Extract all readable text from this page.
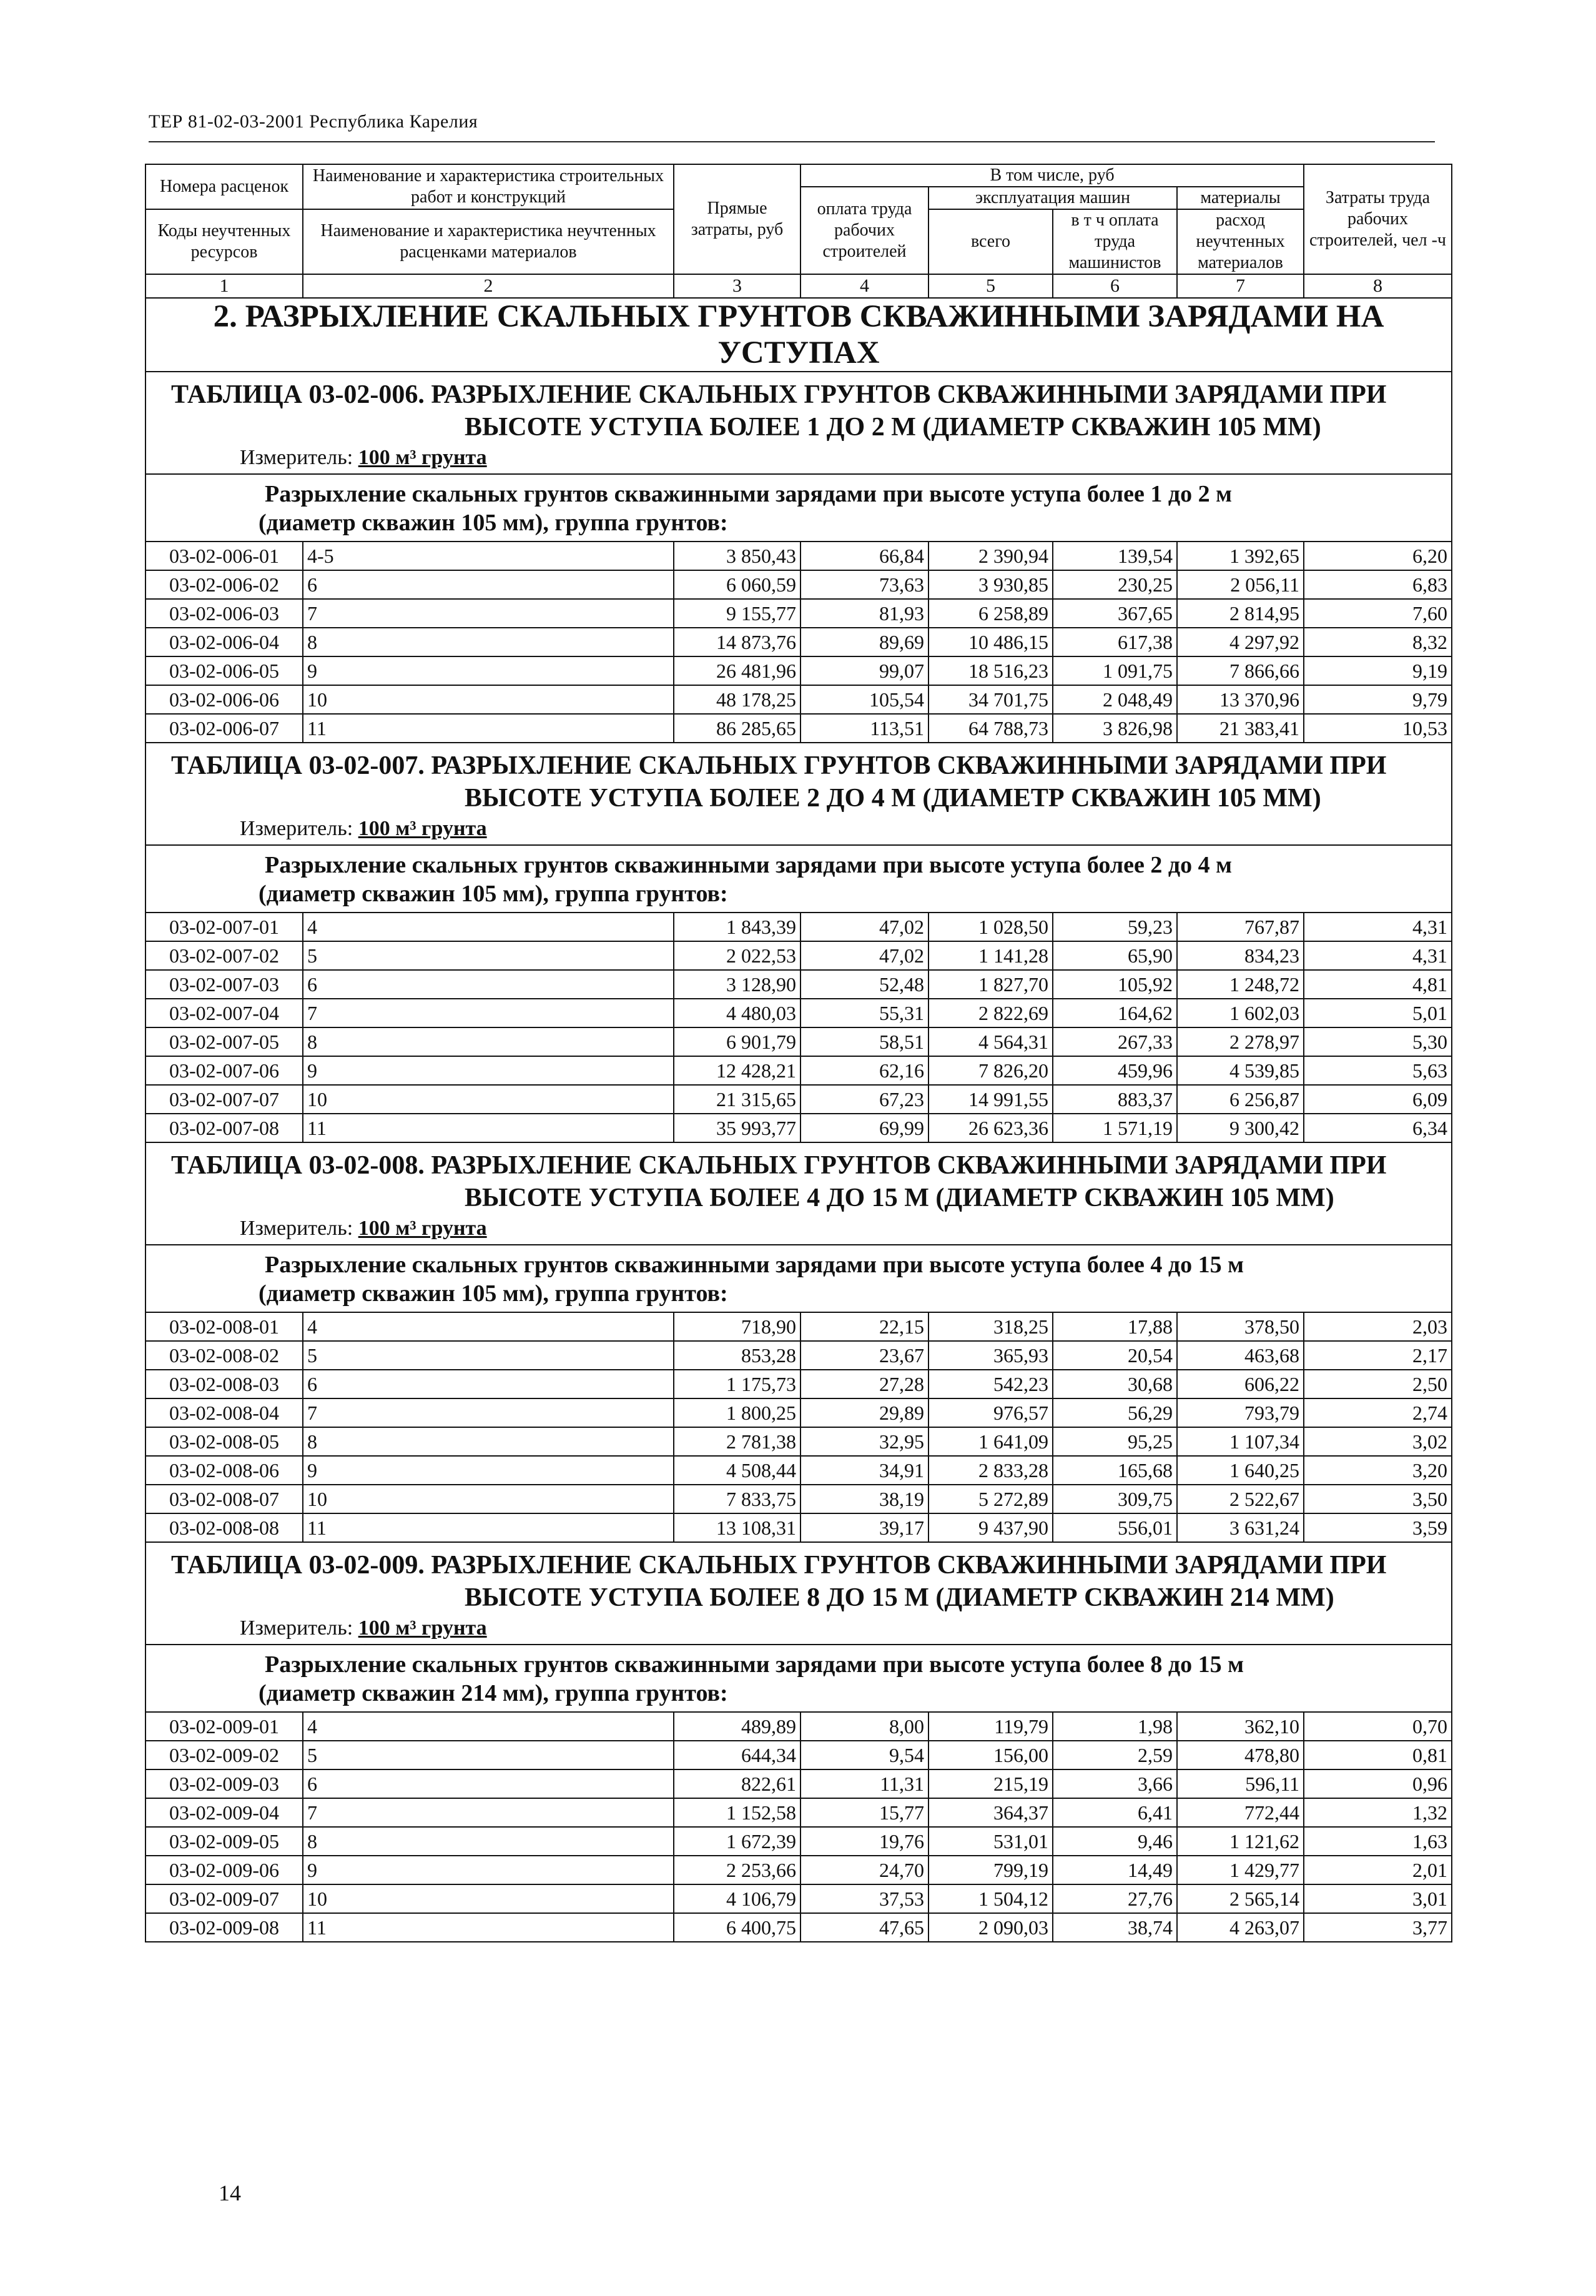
ТЕР 81-02-03-2001 Республика Карелия
Номера расценок	Наименование и характеристика строительных работ и конструкций	Прямые затраты, руб	В том числе, руб				Затраты труда рабочих строителей, чел -ч
			оплата труда рабочих строителей	эксплуатация машин		материалы	
Коды неучтенных ресурсов	Наименование и характеристика неучтенных расценками материалов			всего	в т ч оплата труда машинистов	расход неучтенных материалов	

1	2	3	4	5	6	7	8
2. РАЗРЫХЛЕНИЕ СКАЛЬНЫХ ГРУНТОВ СКВАЖИННЫМИ ЗАРЯДАМИ НА УСТУПАХ							
ТАБЛИЦА 03-02-006. РАЗРЫХЛЕНИЕ СКАЛЬНЫХ ГРУНТОВ СКВАЖИННЫМИ ЗАРЯДАМИ ПРИ
ВЫСОТЕ УСТУПА БОЛЕЕ 1 ДО 2 М (ДИАМЕТР СКВАЖИН 105 ММ)							

Измеритель: 100 м³ грунта							
Разрыхление скальных грунтов скважинными зарядами при высоте уступа более 1 до 2 м
(диаметр скважин 105 мм), группа грунтов:							

03-02-006-01	4-5	3 850,43	66,84	2 390,94	139,54	1 392,65	6,20
03-02-006-02	6	6 060,59	73,63	3 930,85	230,25	2 056,11	6,83
03-02-006-03	7	9 155,77	81,93	6 258,89	367,65	2 814,95	7,60
03-02-006-04	8	14 873,76	89,69	10 486,15	617,38	4 297,92	8,32
03-02-006-05	9	26 481,96	99,07	18 516,23	1 091,75	7 866,66	9,19
03-02-006-06	10	48 178,25	105,54	34 701,75	2 048,49	13 370,96	9,79
03-02-006-07	11	86 285,65	113,51	64 788,73	3 826,98	21 383,41	10,53
ТАБЛИЦА 03-02-007. РАЗРЫХЛЕНИЕ СКАЛЬНЫХ ГРУНТОВ СКВАЖИННЫМИ ЗАРЯДАМИ ПРИ
ВЫСОТЕ УСТУПА БОЛЕЕ 2 ДО 4 М (ДИАМЕТР СКВАЖИН 105 ММ)							

Измеритель: 100 м³ грунта							
Разрыхление скальных грунтов скважинными зарядами при высоте уступа более 2 до 4 м
(диаметр скважин 105 мм), группа грунтов:							

03-02-007-01	4	1 843,39	47,02	1 028,50	59,23	767,87	4,31
03-02-007-02	5	2 022,53	47,02	1 141,28	65,90	834,23	4,31
03-02-007-03	6	3 128,90	52,48	1 827,70	105,92	1 248,72	4,81
03-02-007-04	7	4 480,03	55,31	2 822,69	164,62	1 602,03	5,01
03-02-007-05	8	6 901,79	58,51	4 564,31	267,33	2 278,97	5,30
03-02-007-06	9	12 428,21	62,16	7 826,20	459,96	4 539,85	5,63
03-02-007-07	10	21 315,65	67,23	14 991,55	883,37	6 256,87	6,09
03-02-007-08	11	35 993,77	69,99	26 623,36	1 571,19	9 300,42	6,34
ТАБЛИЦА 03-02-008. РАЗРЫХЛЕНИЕ СКАЛЬНЫХ ГРУНТОВ СКВАЖИННЫМИ ЗАРЯДАМИ ПРИ
ВЫСОТЕ УСТУПА БОЛЕЕ 4 ДО 15 М (ДИАМЕТР СКВАЖИН 105 ММ)							

Измеритель: 100 м³ грунта							
Разрыхление скальных грунтов скважинными зарядами при высоте уступа более 4 до 15 м
(диаметр скважин 105 мм), группа грунтов:							

03-02-008-01	4	718,90	22,15	318,25	17,88	378,50	2,03
03-02-008-02	5	853,28	23,67	365,93	20,54	463,68	2,17
03-02-008-03	6	1 175,73	27,28	542,23	30,68	606,22	2,50
03-02-008-04	7	1 800,25	29,89	976,57	56,29	793,79	2,74
03-02-008-05	8	2 781,38	32,95	1 641,09	95,25	1 107,34	3,02
03-02-008-06	9	4 508,44	34,91	2 833,28	165,68	1 640,25	3,20
03-02-008-07	10	7 833,75	38,19	5 272,89	309,75	2 522,67	3,50
03-02-008-08	11	13 108,31	39,17	9 437,90	556,01	3 631,24	3,59
ТАБЛИЦА 03-02-009. РАЗРЫХЛЕНИЕ СКАЛЬНЫХ ГРУНТОВ СКВАЖИННЫМИ ЗАРЯДАМИ ПРИ
ВЫСОТЕ УСТУПА БОЛЕЕ 8 ДО 15 М (ДИАМЕТР СКВАЖИН 214 ММ)							

Измеритель: 100 м³ грунта							
Разрыхление скальных грунтов скважинными зарядами при высоте уступа более 8 до 15 м
(диаметр скважин 214 мм), группа грунтов:							

03-02-009-01	4	489,89	8,00	119,79	1,98	362,10	0,70
03-02-009-02	5	644,34	9,54	156,00	2,59	478,80	0,81
03-02-009-03	6	822,61	11,31	215,19	3,66	596,11	0,96
03-02-009-04	7	1 152,58	15,77	364,37	6,41	772,44	1,32
03-02-009-05	8	1 672,39	19,76	531,01	9,46	1 121,62	1,63
03-02-009-06	9	2 253,66	24,70	799,19	14,49	1 429,77	2,01
03-02-009-07	10	4 106,79	37,53	1 504,12	27,76	2 565,14	3,01
03-02-009-08	11	6 400,75	47,65	2 090,03	38,74	4 263,07	3,77
14
